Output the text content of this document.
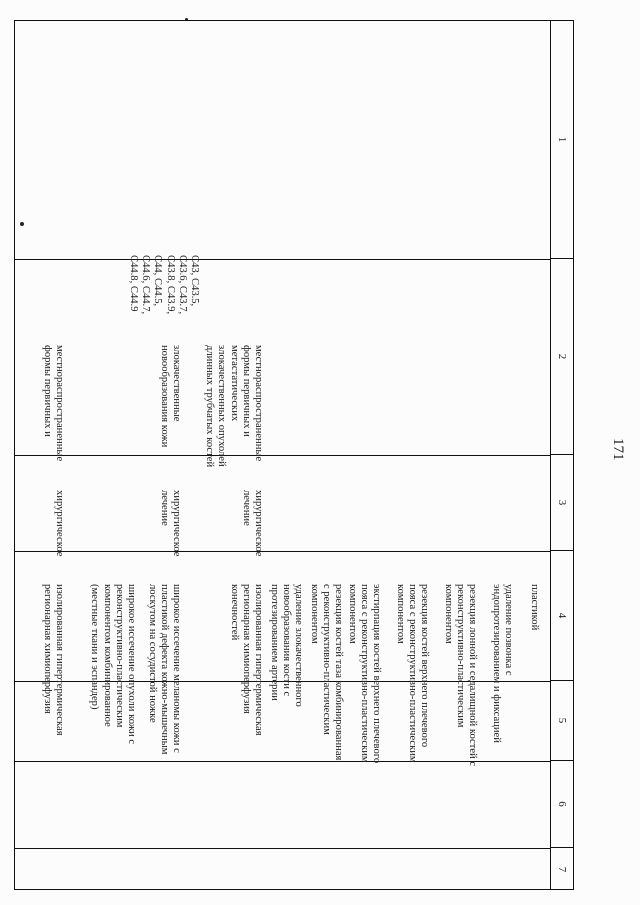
171
1
2
3
4
5
6
7
пластикой
удаление позвонка с
эндопротезированием и фиксацией
резекция лонной и седалищной костей с
реконструктивно-пластическим
компонентом
резекция костей верхнего плечевого
пояса с реконструктивно-пластическим
компонентом
экстирпация костей верхнего плечевого
пояса с реконструктивно-пластическим
компонентом
резекция костей таза комбинированная
с реконструктивно-пластическим
компонентом
удаление злокачественного
новообразования кости с
протезированием артерии
местнораспространенные
формы первичных и
метастатических
злокачественных опухолей
длинных трубчатых костей
хирургическое
лечение
изолированная гипертермическая
регионарная химиоперфузия
конечностей
C43, C43.5,
C43.6, C43.7,
C43.8, C43.9,
C44, C44.5,
C44.6, C44.7,
C44.8, C44.9
злокачественные
новообразования кожи
хирургическое
лечение
широкое иссечение меланомы кожи с
пластикой дефекта кожно-мышечным
лоскутом на сосудистой ножке
широкое иссечение опухоли кожи с
реконструктивно-пластическим
компонентом комбинированное
(местные ткани и эспандер)
местнораспространенные
формы первичных и
хирургическое
изолированная гипертермическая
регионарная химиоперфузия
